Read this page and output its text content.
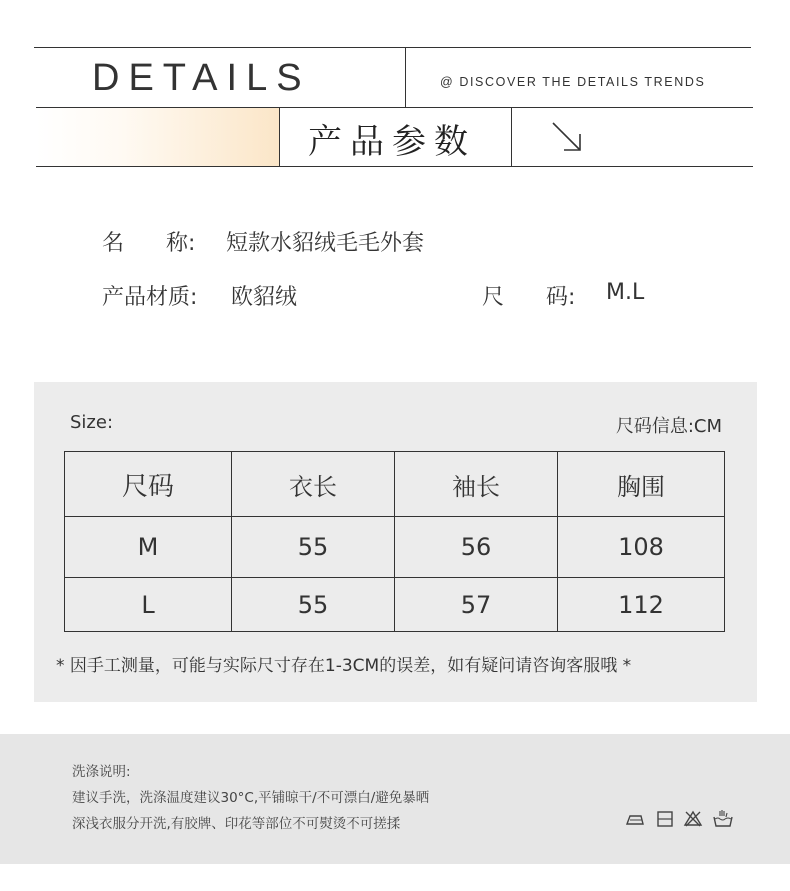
DETAILS	@ DISCOVER THE DETAILS TRENDS
产品参数
名      称: 短款水貂绒毛毛外套
产品材质: 欧貂绒	尺      码: M.L
Size:	尺码信息:CM
尺码	衣长	袖长	胸围
M	55	56	108
L	55	57	112
* 因手工测量，可能与实际尺寸存在1-3CM的误差，如有疑问请咨询客服哦 *
洗涤说明:
建议手洗，洗涤温度建议30°C,平铺晾干/不可漂白/避免暴晒
深浅衣服分开洗,有胶牌、印花等部位不可熨烫不可搓揉
